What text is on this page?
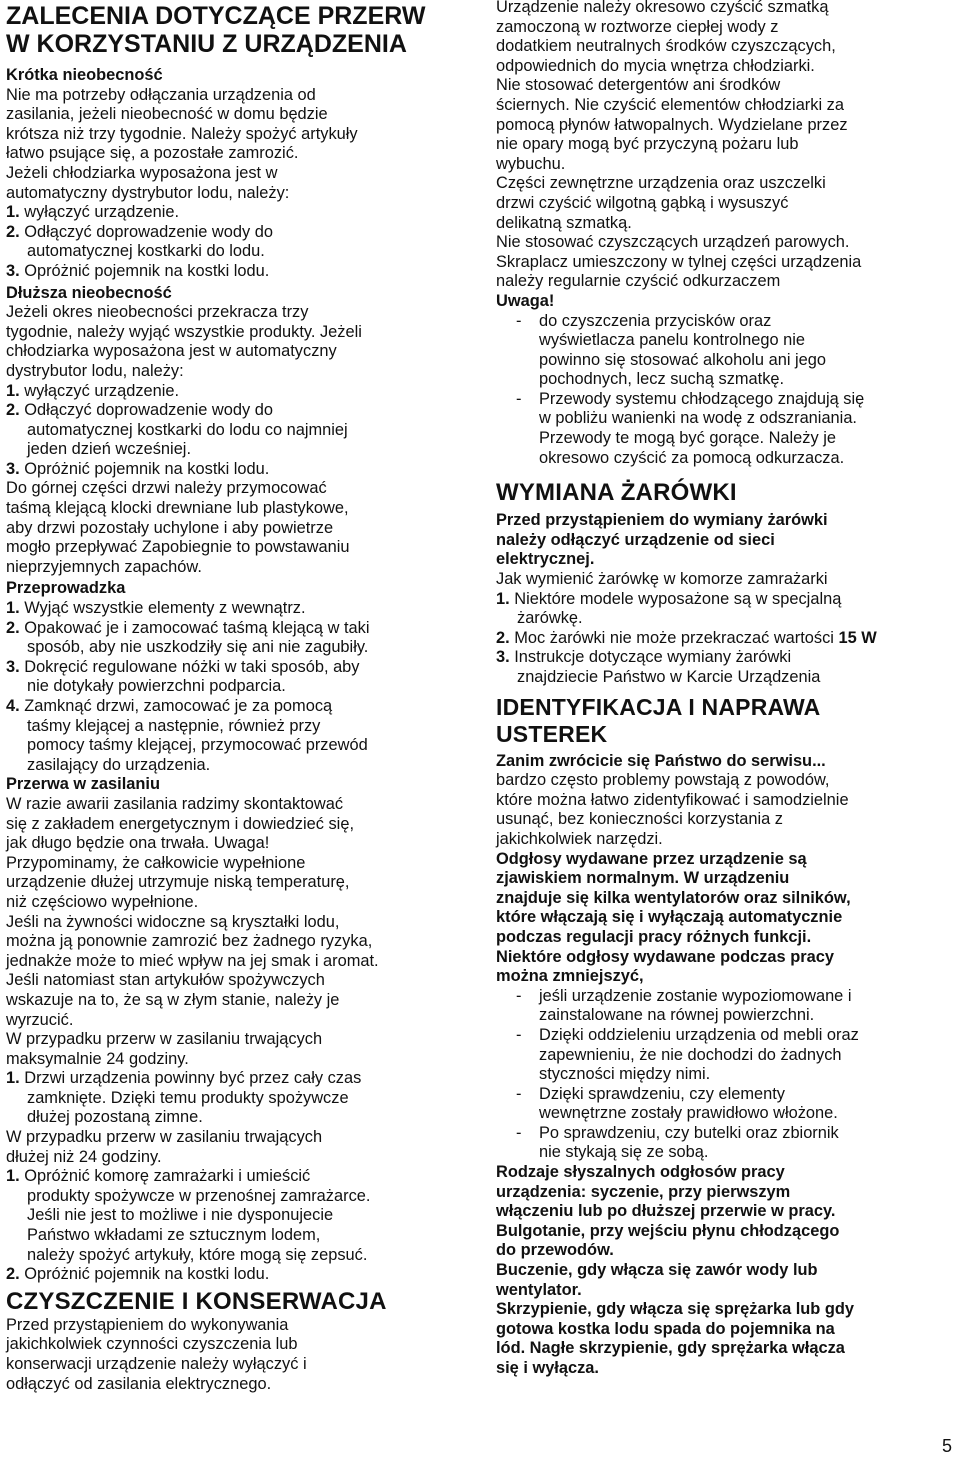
ZALECENIA DOTYCZĄCE PRZERW
W KORZYSTANIU Z URZĄDZENIA

Krótka nieobecność

Nie ma potrzeby odłączania urządzenia od
zasilania, jeżeli nieobecność w domu będzie
krótsza niż trzy tygodnie. Należy spożyć artykuły
łatwo psujące się, a pozostałe zamrozić.
Jeżeli chłodziarka wyposażona jest w
automatyczny dystrybutor lodu, należy:

1. wyłączyć urządzenie.

2. Odłączyć doprowadzenie wody do
automatycznej kostkarki do lodu.

3. Opróżnić pojemnik na kostki lodu.

Dłuższa nieobecność

Jeżeli okres nieobecności przekracza trzy
tygodnie, należy wyjąć wszystkie produkty. Jeżeli
chłodziarka wyposażona jest w automatyczny
dystrybutor lodu, należy:

1. wyłączyć urządzenie.

2. Odłączyć doprowadzenie wody do
automatycznej kostkarki do lodu co najmniej
jeden dzień wcześniej.

3. Opróżnić pojemnik na kostki lodu.

Do górnej części drzwi należy przymocować
taśmą klejącą klocki drewniane lub plastykowe,
aby drzwi pozostały uchylone i aby powietrze
mogło przepływać Zapobiegnie to powstawaniu
nieprzyjemnych zapachów.

Przeprowadzka

1. Wyjąć wszystkie elementy z wewnątrz.

2. Opakować je i zamocować taśmą klejącą w taki
sposób, aby nie uszkodziły się ani nie zagubiły.

3. Dokręcić regulowane nóżki w taki sposób, aby
nie dotykały powierzchni podparcia.

4. Zamknąć drzwi, zamocować je za pomocą
taśmy klejącej a następnie, również przy
pomocy taśmy klejącej, przymocować przewód
zasilający do urządzenia.

Przerwa w zasilaniu

W razie awarii zasilania radzimy skontaktować
się z zakładem energetycznym i dowiedzieć się,
jak długo będzie ona trwała. Uwaga!
Przypominamy, że całkowicie wypełnione
urządzenie dłużej utrzymuje niską temperaturę,
niż częściowo wypełnione.

Jeśli na żywności widoczne są kryształki lodu,
można ją ponownie zamrozić bez żadnego ryzyka,
jednakże może to mieć wpływ na jej smak i aromat.

Jeśli natomiast stan artykułów spożywczych
wskazuje na to, że są w złym stanie, należy je
wyrzucić.

W przypadku przerw w zasilaniu trwających
maksymalnie 24 godziny.

1. Drzwi urządzenia powinny być przez cały czas
zamknięte. Dzięki temu produkty spożywcze
dłużej pozostaną zimne.

W przypadku przerw w zasilaniu trwających
dłużej niż 24 godziny.

1. Opróżnić komorę zamrażarki i umieścić
produkty spożywcze w przenośnej zamrażarce.
Jeśli nie jest to możliwe i nie dysponujecie
Państwo wkładami ze sztucznym lodem,
należy spożyć artykuły, które mogą się zepsuć.

2. Opróżnić pojemnik na kostki lodu.

CZYSZCZENIE I KONSERWACJA

Przed przystąpieniem do wykonywania
jakichkolwiek czynności czyszczenia lub
konserwacji urządzenie należy wyłączyć i
odłączyć od zasilania elektrycznego.

Urządzenie należy okresowo czyścić szmatką
zamoczoną w roztworze ciepłej wody z
dodatkiem neutralnych środków czyszczących,
odpowiednich do mycia wnętrza chłodziarki.
Nie stosować detergentów ani środków
ściernych. Nie czyścić elementów chłodziarki za
pomocą płynów łatwopalnych. Wydzielane przez
nie opary mogą być przyczyną pożaru lub
wybuchu.

Części zewnętrzne urządzenia oraz uszczelki
drzwi czyścić wilgotną gąbką i wysuszyć
delikatną szmatką.

Nie stosować czyszczących urządzeń parowych.

Skraplacz umieszczony w tylnej części urządzenia
należy regularnie czyścić odkurzaczem

Uwaga!

- do czyszczenia przycisków oraz
wyświetlacza panelu kontrolnego nie
powinno się stosować alkoholu ani jego
pochodnych, lecz suchą szmatkę.

- Przewody systemu chłodzącego znajdują się
w pobliżu wanienki na wodę z odszraniania.
Przewody te mogą być gorące. Należy je
okresowo czyścić za pomocą odkurzacza.

WYMIANA ŻARÓWKI

Przed przystąpieniem do wymiany żarówki
należy odłączyć urządzenie od sieci
elektrycznej.

Jak wymienić żarówkę w komorze zamrażarki

1. Niektóre modele wyposażone są w specjalną
żarówkę.

2. Moc żarówki nie może przekraczać wartości 15 W

3. Instrukcje dotyczące wymiany żarówki
znajdziecie Państwo w Karcie Urządzenia

IDENTYFIKACJA I NAPRAWA
USTEREK

Zanim zwrócicie się Państwo do serwisu...

bardzo często problemy powstają z powodów,
które można łatwo zidentyfikować i samodzielnie
usunąć, bez konieczności korzystania z
jakichkolwiek narzędzi.

Odgłosy wydawane przez urządzenie są
zjawiskiem normalnym. W urządzeniu
znajduje się kilka wentylatorów oraz silników,
które włączają się i wyłączają automatycznie
podczas regulacji pracy różnych funkcji.
Niektóre odgłosy wydawane podczas pracy
można zmniejszyć,

- jeśli urządzenie zostanie wypoziomowane i
zainstalowane na równej powierzchni.

- Dzięki oddzieleniu urządzenia od mebli oraz
zapewnieniu, że nie dochodzi do żadnych
styczności między nimi.

- Dzięki sprawdzeniu, czy elementy
wewnętrzne zostały prawidłowo włożone.

- Po sprawdzeniu, czy butelki oraz zbiornik
nie stykają się ze sobą.

Rodzaje słyszalnych odgłosów pracy
urządzenia: syczenie, przy pierwszym
włączeniu lub po dłuższej przerwie w pracy.
Bulgotanie, przy wejściu płynu chłodzącego
do przewodów.
Buczenie, gdy włącza się zawór wody lub
wentylator.
Skrzypienie, gdy włącza się sprężarka lub gdy
gotowa kostka lodu spada do pojemnika na
lód. Nagłe skrzypienie, gdy sprężarka włącza
się i wyłącza.

5
